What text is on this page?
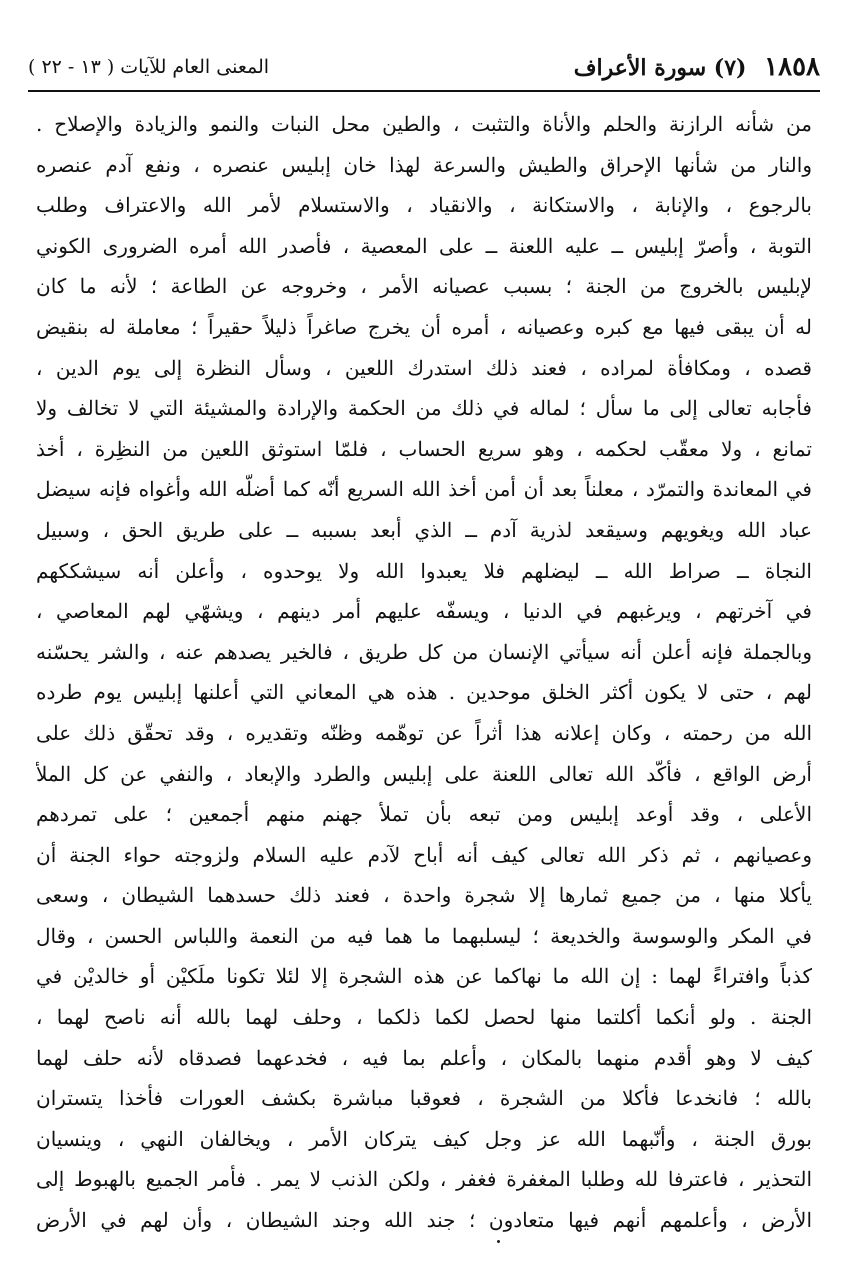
١٨٥٨ (٧) سورة الأعراف
المعنى العام للآيات ( ١٣ - ٢٢ )
من شأنه الرازنة والحلم والأناة والتثبت ، والطين محل النبات والنمو والزيادة والإصلاح .
والنار من شأنها الإحراق والطيش والسرعة لهذا خان إبليس عنصره ، ونفع آدم عنصره
بالرجوع ، والإنابة ، والاستكانة ، والانقياد ، والاستسلام لأمر الله والاعتراف وطلب
التوبة ، وأصرّ إبليس ــ عليه اللعنة ــ على المعصية ، فأصدر الله أمره الضرورى الكوني
لإبليس بالخروج من الجنة ؛ بسبب عصيانه الأمر ، وخروجه عن الطاعة ؛ لأنه ما كان
له أن يبقى فيها مع كبره وعصيانه ، أمره أن يخرج صاغراً ذليلاً حقيراً ؛ معاملة له بنقيض
قصده ، ومكافأة لمراده ، فعند ذلك استدرك اللعين ، وسأل النظرة إلى يوم الدين ،
فأجابه تعالى إلى ما سأل ؛ لماله في ذلك من الحكمة والإرادة والمشيئة التي لا تخالف ولا
تمانع ، ولا معقّب لحكمه ، وهو سريع الحساب ، فلمّا استوثق اللعين من النظِرة ، أخذ
في المعاندة والتمرّد ، معلناً بعد أن أمن أخذ الله السريع أنّه كما أضلّه الله وأغواه فإنه سيضل
عباد الله ويغويهم وسيقعد لذرية آدم ــ الذي أبعد بسببه ــ على طريق الحق ، وسبيل
النجاة ــ صراط الله ــ ليضلهم فلا يعبدوا الله ولا يوحدوه ، وأعلن أنه سيشككهم
في آخرتهم ، ويرغبهم في الدنيا ، ويسفّه عليهم أمر دينهم ، ويشهّي لهم المعاصي ،
وبالجملة فإنه أعلن أنه سيأتي الإنسان من كل طريق ، فالخير يصدهم عنه ، والشر يحسّنه
لهم ، حتى لا يكون أكثر الخلق موحدين . هذه هي المعاني التي أعلنها إبليس يوم طرده
الله من رحمته ، وكان إعلانه هذا أثراً عن توهّمه وظنّه وتقديره ، وقد تحقّق ذلك على
أرض الواقع ، فأكّد الله تعالى اللعنة على إبليس والطرد والإبعاد ، والنفي عن كل الملأ
الأعلى ، وقد أوعد إبليس ومن تبعه بأن تملأ جهنم منهم أجمعين ؛ على تمردهم
وعصيانهم ، ثم ذكر الله تعالى كيف أنه أباح لآدم عليه السلام ولزوجته حواء الجنة أن
يأكلا منها ، من جميع ثمارها إلا شجرة واحدة ، فعند ذلك حسدهما الشيطان ، وسعى
في المكر والوسوسة والخديعة ؛ ليسلبهما ما هما فيه من النعمة واللباس الحسن ، وقال
كذباً وافتراءً لهما : إن الله ما نهاكما عن هذه الشجرة إلا لئلا تكونا ملَكيْن أو خالديْن في
الجنة . ولو أنكما أكلتما منها لحصل لكما ذلكما ، وحلف لهما بالله أنه ناصح لهما ،
كيف لا وهو أقدم منهما بالمكان ، وأعلم بما فيه ، فخدعهما فصدقاه لأنه حلف لهما
بالله ؛ فانخدعا فأكلا من الشجرة ، فعوقبا مباشرة بكشف العورات فأخذا يتستران
بورق الجنة ، وأنّبهما الله عز وجل كيف يتركان الأمر ، ويخالفان النهي ، وينسيان
التحذير ، فاعترفا لله وطلبا المغفرة فغفر ، ولكن الذنب لا يمر . فأمر الجميع بالهبوط إلى
الأرض ، وأعلمهم أنهم فيها متعادون ؛ جند الله وجند الشيطان ، وأن لهم في الأرض
